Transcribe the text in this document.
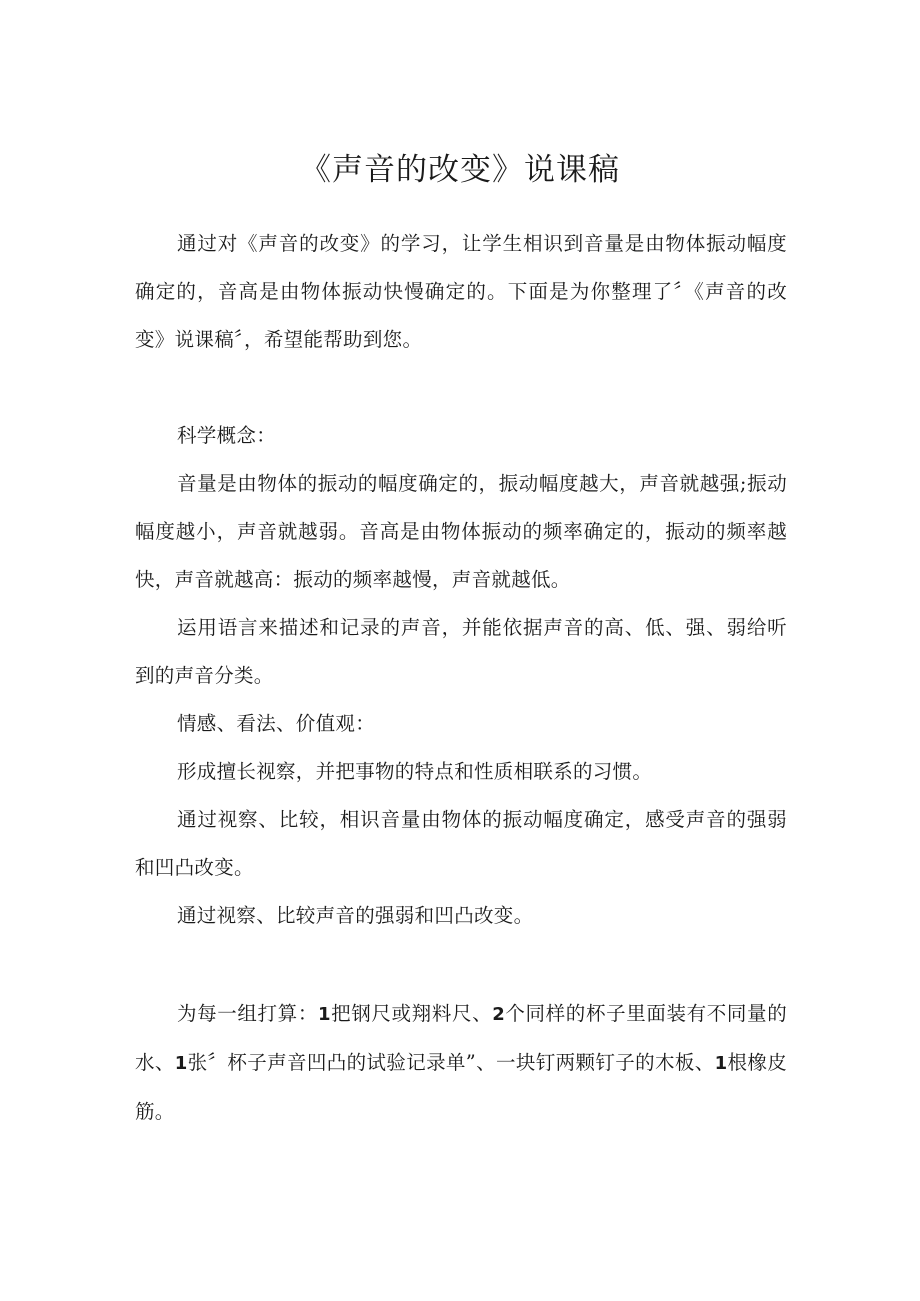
《声音的改变》说课稿

通过对《声音的改变》的学习，让学生相识到音量是由物体振动幅度确定的，音高是由物体振动快慢确定的。下面是为你整理了〞《声音的改变》说课稿〞，希望能帮助到您。

科学概念：

音量是由物体的振动的幅度确定的，振动幅度越大，声音就越强;振动幅度越小，声音就越弱。音高是由物体振动的频率确定的，振动的频率越快，声音就越高：振动的频率越慢，声音就越低。

运用语言来描述和记录的声音，并能依据声音的高、低、强、弱给听到的声音分类。

情感、看法、价值观：

形成擅长视察，并把事物的特点和性质相联系的习惯。

通过视察、比较，相识音量由物体的振动幅度确定，感受声音的强弱和凹凸改变。

通过视察、比较声音的强弱和凹凸改变。

为每一组打算：1把钢尺或翔料尺、2个同样的杯子里面装有不同量的水、1张〞杯子声音凹凸的试验记录单”、一块钉两颗钉子的木板、1根橡皮筋。
